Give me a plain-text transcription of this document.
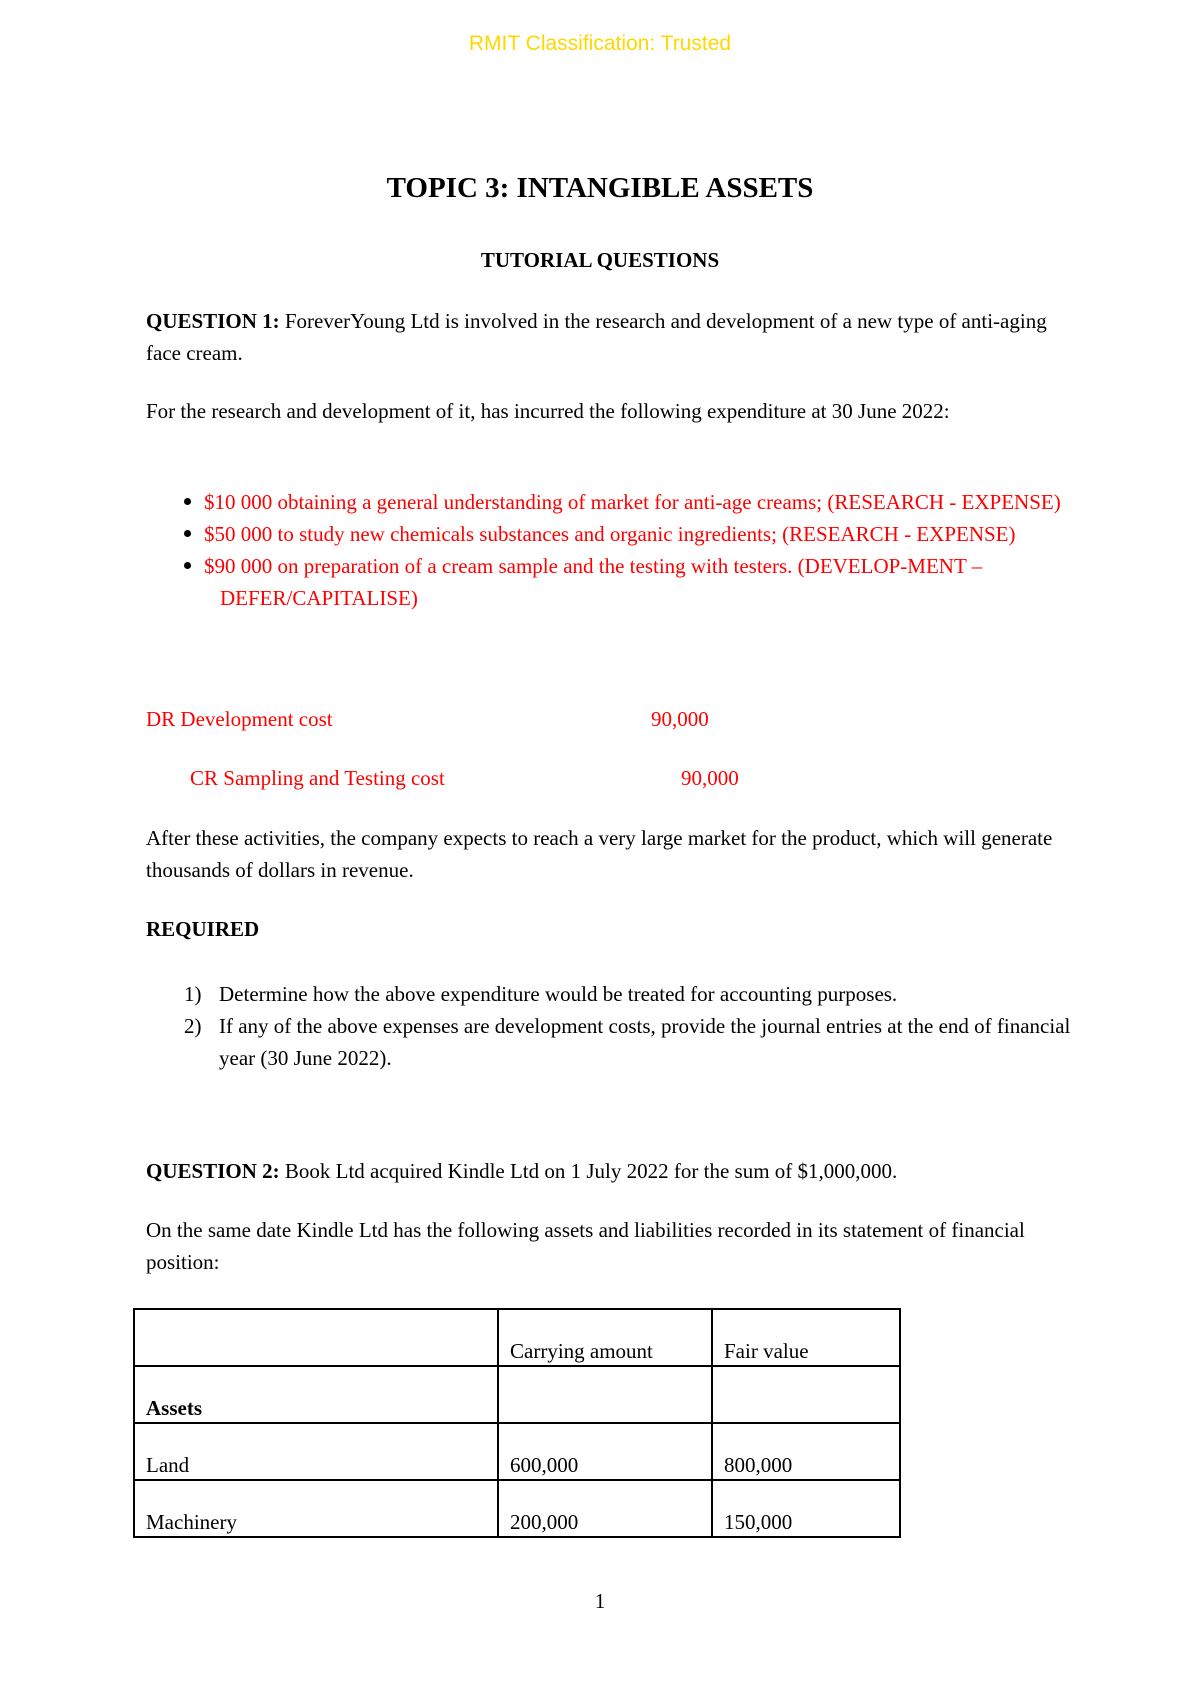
RMIT Classification: Trusted
TOPIC 3: INTANGIBLE ASSETS
TUTORIAL QUESTIONS

QUESTION 1: ForeverYoung Ltd is involved in the research and development of a new type of anti-aging face cream.

For the research and development of it, has incurred the following expenditure at 30 June 2022:

$10 000 obtaining a general understanding of market for anti-age creams; (RESEARCH - EXPENSE)
$50 000 to study new chemicals substances and organic ingredients; (RESEARCH - EXPENSE)
$90 000 on preparation of a cream sample and the testing with testers. (DEVELOP-MENT – DEFER/CAPITALISE)
DR Development cost	90,000
CR Sampling and Testing cost	90,000

After these activities, the company expects to reach a very large market for the product, which will generate thousands of dollars in revenue.

REQUIRED

1) Determine how the above expenditure would be treated for accounting purposes.
2) If any of the above expenses are development costs, provide the journal entries at the end of financial year (30 June 2022).

QUESTION 2: Book Ltd acquired Kindle Ltd on 1 July 2022 for the sum of $1,000,000.

On the same date Kindle Ltd has the following assets and liabilities recorded in its statement of financial position:

	Carrying amount	Fair value
Assets		
Land	600,000	800,000
Machinery	200,000	150,000
1
